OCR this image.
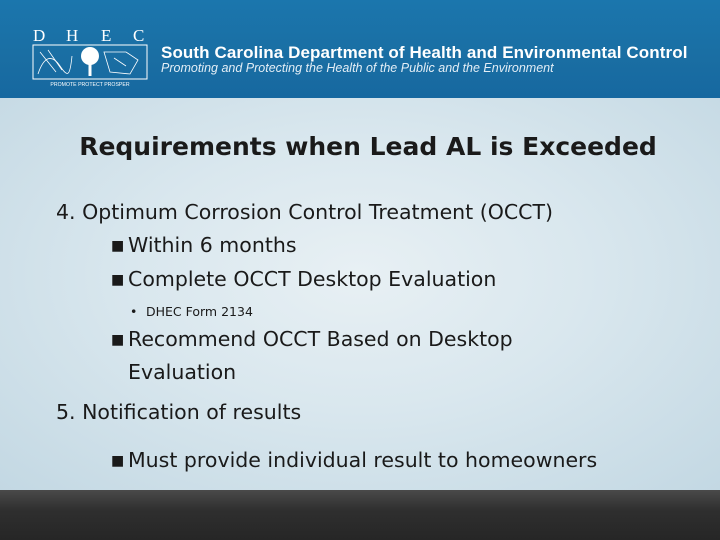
D H E C
PROMOTE PROTECT PROSPER
South Carolina Department of Health and Environmental Control
Promoting and Protecting the Health of the Public and the Environment
Requirements when Lead AL is Exceeded
4. Optimum Corrosion Control Treatment (OCCT)
■ Within 6 months
■ Complete OCCT Desktop Evaluation
• DHEC Form 2134
■ Recommend OCCT Based on Desktop
Evaluation
5. Notification of results
■ Must provide individual result to homeowners
